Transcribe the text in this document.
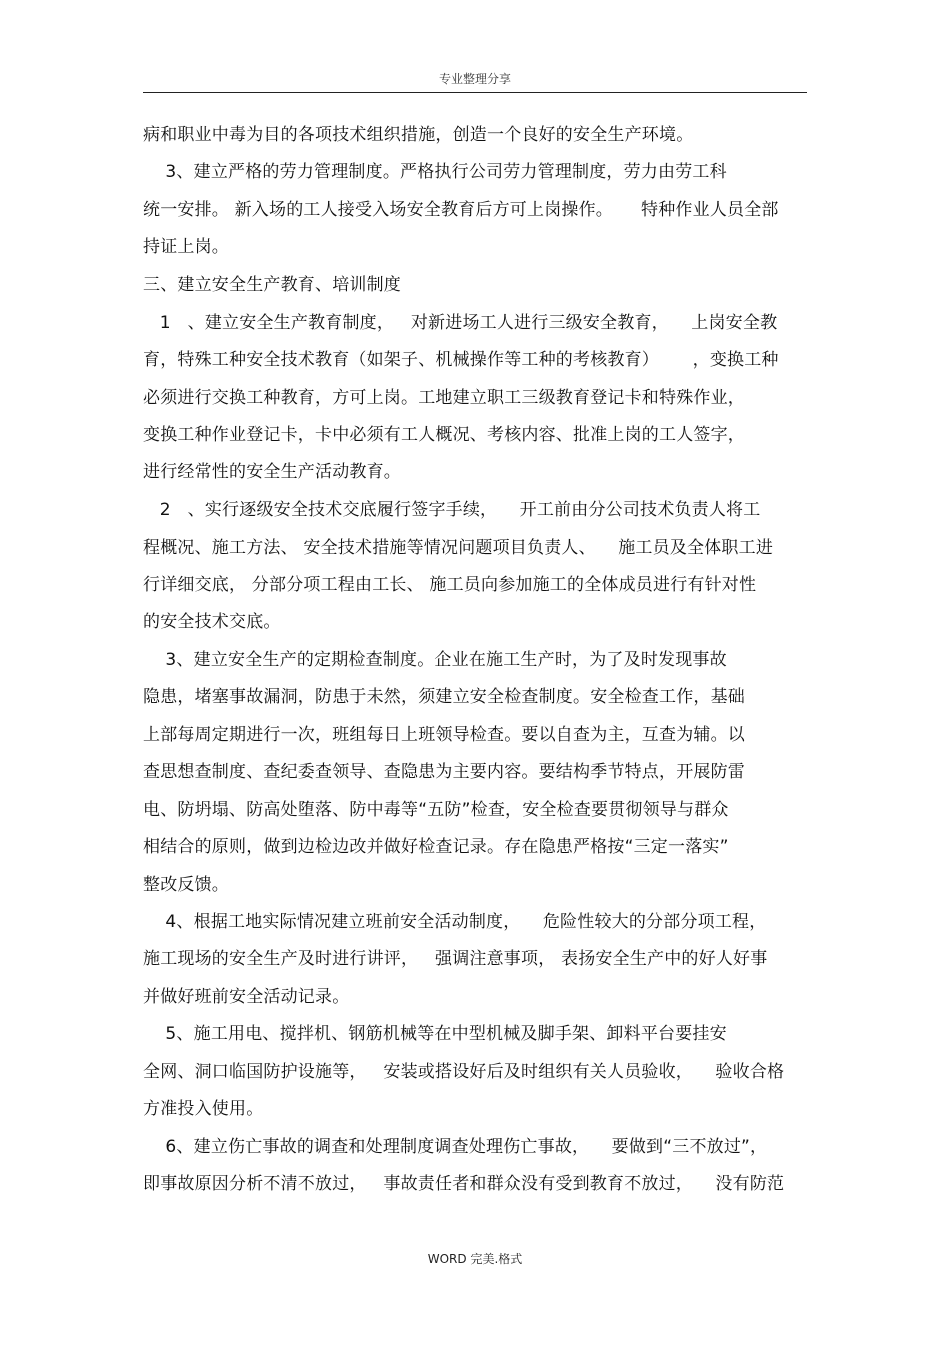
专业整理分享
病和职业中毒为目的各项技术组织措施，创造一个良好的安全生产环境。
3、建立严格的劳力管理制度。严格执行公司劳力管理制度，劳力由劳工科
统一安排。 新入场的工人接受入场安全教育后方可上岗操作。     特种作业人员全部
持证上岗。
三、建立安全生产教育、培训制度
1   、建立安全生产教育制度，   对新进场工人进行三级安全教育，    上岗安全教
育，特殊工种安全技术教育（如架子、机械操作等工种的考核教育）      ，变换工种
必须进行交换工种教育，方可上岗。工地建立职工三级教育登记卡和特殊作业，
变换工种作业登记卡，卡中必须有工人概况、考核内容、批准上岗的工人签字，
进行经常性的安全生产活动教育。
2   、实行逐级安全技术交底履行签字手续，    开工前由分公司技术负责人将工
程概况、施工方法、 安全技术措施等情况问题项目负责人、    施工员及全体职工进
行详细交底， 分部分项工程由工长、 施工员向参加施工的全体成员进行有针对性
的安全技术交底。
3、建立安全生产的定期检查制度。企业在施工生产时，为了及时发现事故
隐患，堵塞事故漏洞，防患于未然，须建立安全检查制度。安全检查工作，基础
上部每周定期进行一次，班组每日上班领导检查。要以自查为主，互查为辅。以
查思想查制度、查纪委查领导、查隐患为主要内容。要结构季节特点，开展防雷
电、防坍塌、防高处堕落、防中毒等“五防”检查，安全检查要贯彻领导与群众
相结合的原则，做到边检边改并做好检查记录。存在隐患严格按“三定一落实”
整改反馈。
4、根据工地实际情况建立班前安全活动制度，    危险性较大的分部分项工程，
施工现场的安全生产及时进行讲评，   强调注意事项， 表扬安全生产中的好人好事
并做好班前安全活动记录。
5、施工用电、搅拌机、钢筋机械等在中型机械及脚手架、卸料平台要挂安
全网、洞口临国防护设施等，   安装或搭设好后及时组织有关人员验收，    验收合格
方准投入使用。
6、建立伤亡事故的调查和处理制度调查处理伤亡事故，    要做到“三不放过”，
即事故原因分析不清不放过，   事故责任者和群众没有受到教育不放过，    没有防范
WORD 完美.格式
